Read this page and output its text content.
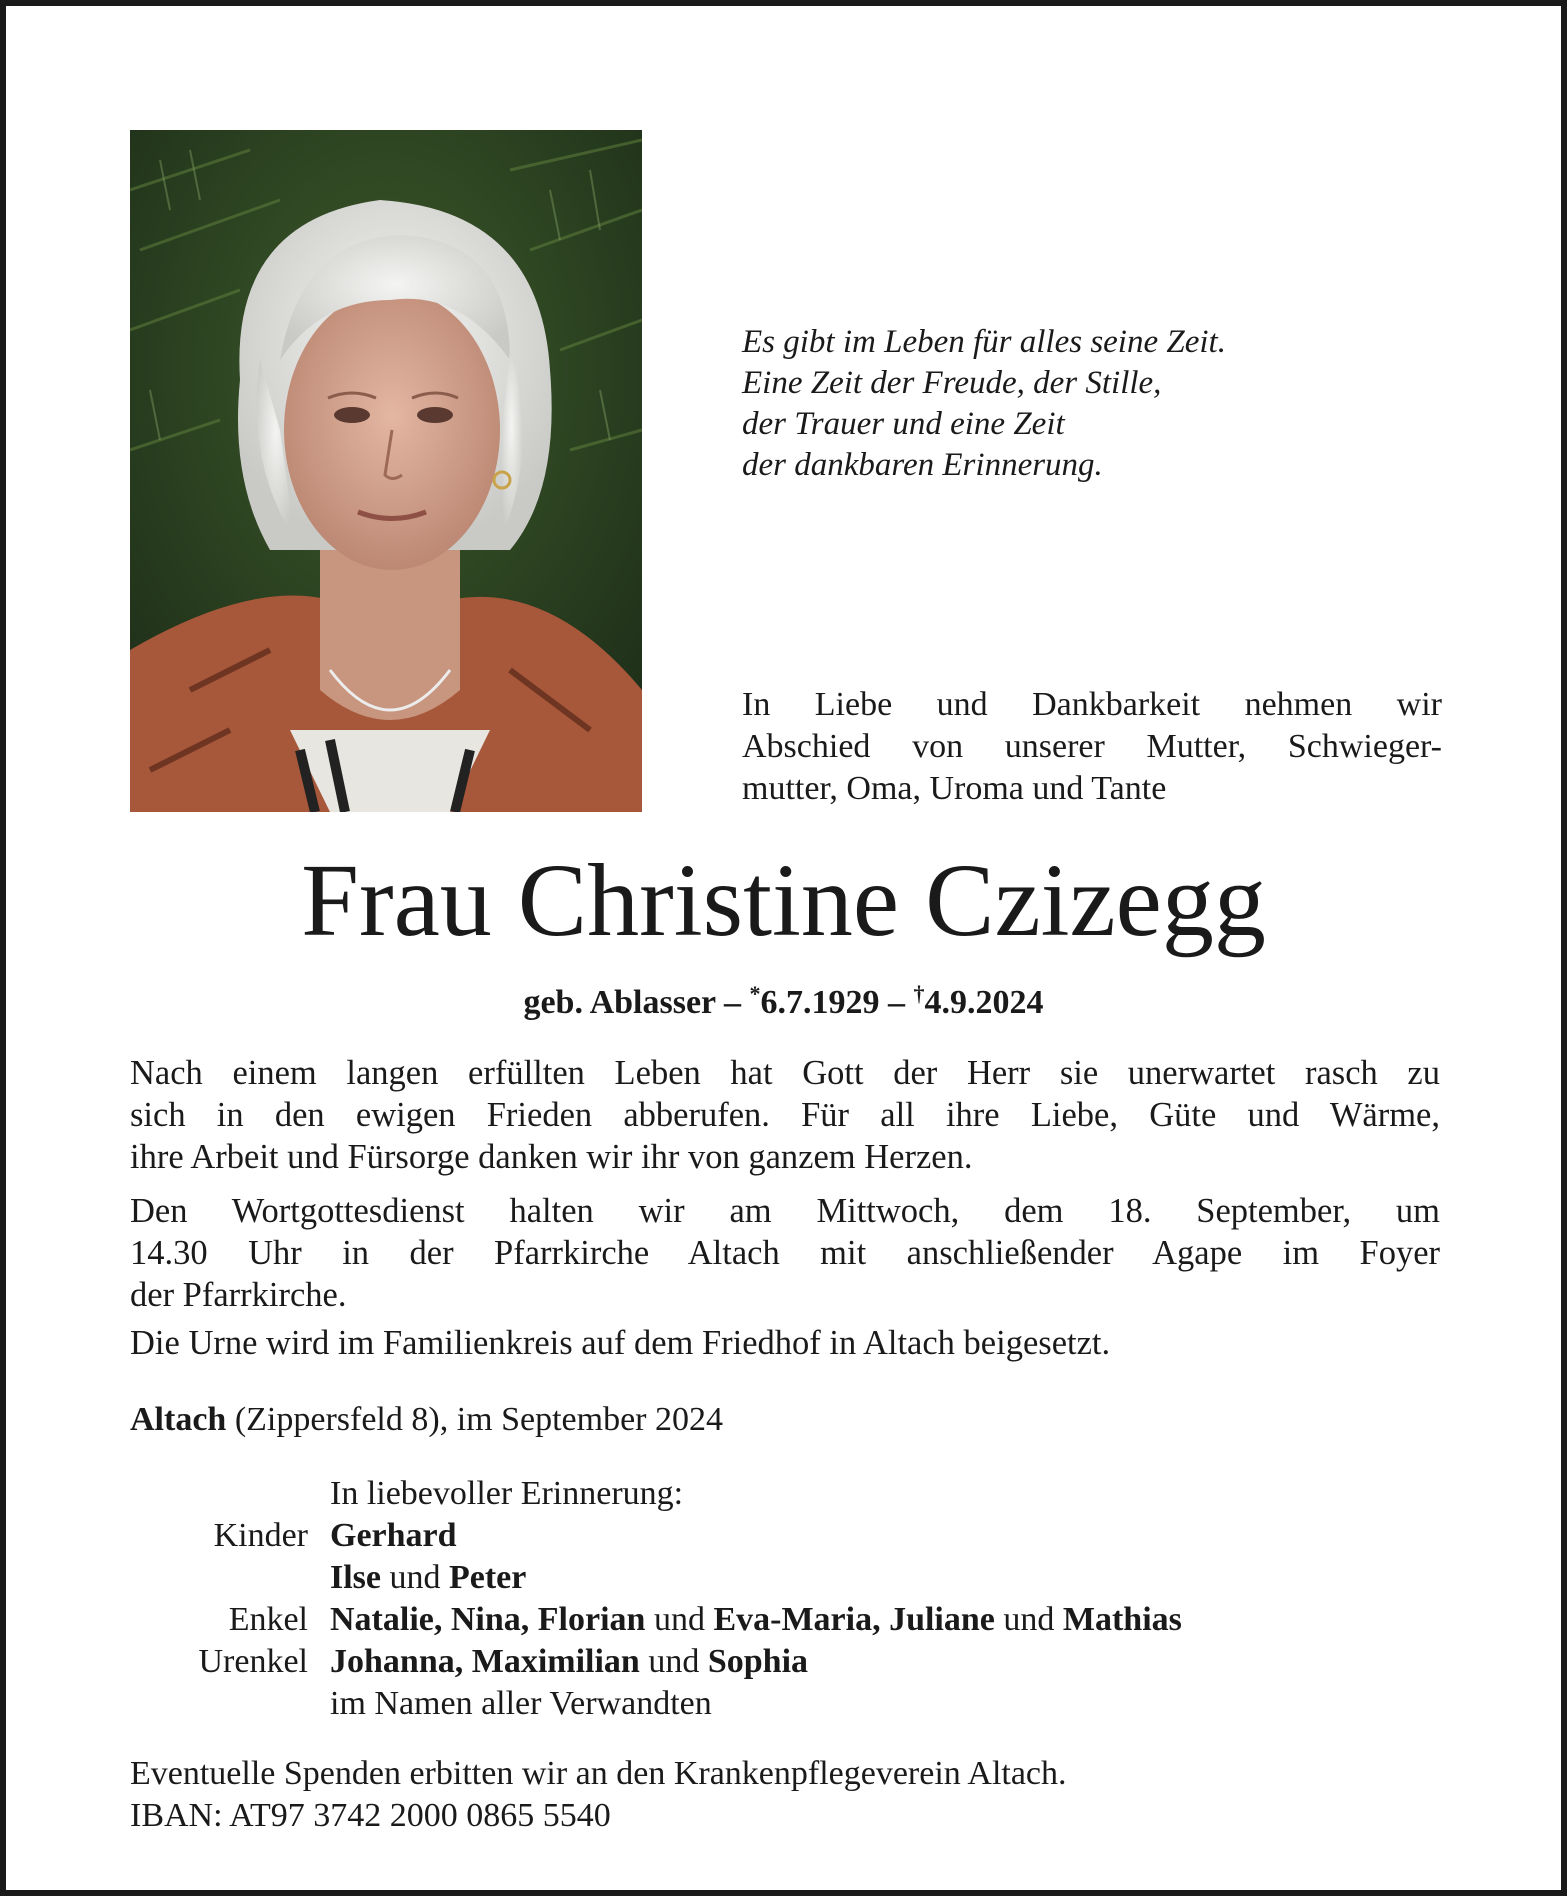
Es gibt im Leben für alles seine Zeit.
Eine Zeit der Freude, der Stille,
der Trauer und eine Zeit
der dankbaren Erinnerung.
In Liebe und Dankbarkeit nehmen wir
Abschied von unserer Mutter, Schwieger-
mutter, Oma, Uroma und Tante
Frau Christine Czizegg
geb. Ablasser – *6.7.1929 – †4.9.2024
Nach einem langen erfüllten Leben hat Gott der Herr sie unerwartet rasch zu
sich in den ewigen Frieden abberufen. Für all ihre Liebe, Güte und Wärme,
ihre Arbeit und Fürsorge danken wir ihr von ganzem Herzen.
Den Wortgottesdienst halten wir am Mittwoch, dem 18. September, um
14.30 Uhr in der Pfarrkirche Altach mit anschließender Agape im Foyer
der Pfarrkirche.
Die Urne wird im Familienkreis auf dem Friedhof in Altach beigesetzt.
Altach (Zippersfeld 8), im September 2024
In liebevoller Erinnerung:
Kinder Gerhard
Ilse und Peter
Enkel Natalie, Nina, Florian und Eva-Maria, Juliane und Mathias
Urenkel Johanna, Maximilian und Sophia
im Namen aller Verwandten
Eventuelle Spenden erbitten wir an den Krankenpflegeverein Altach.
IBAN: AT97 3742 2000 0865 5540
